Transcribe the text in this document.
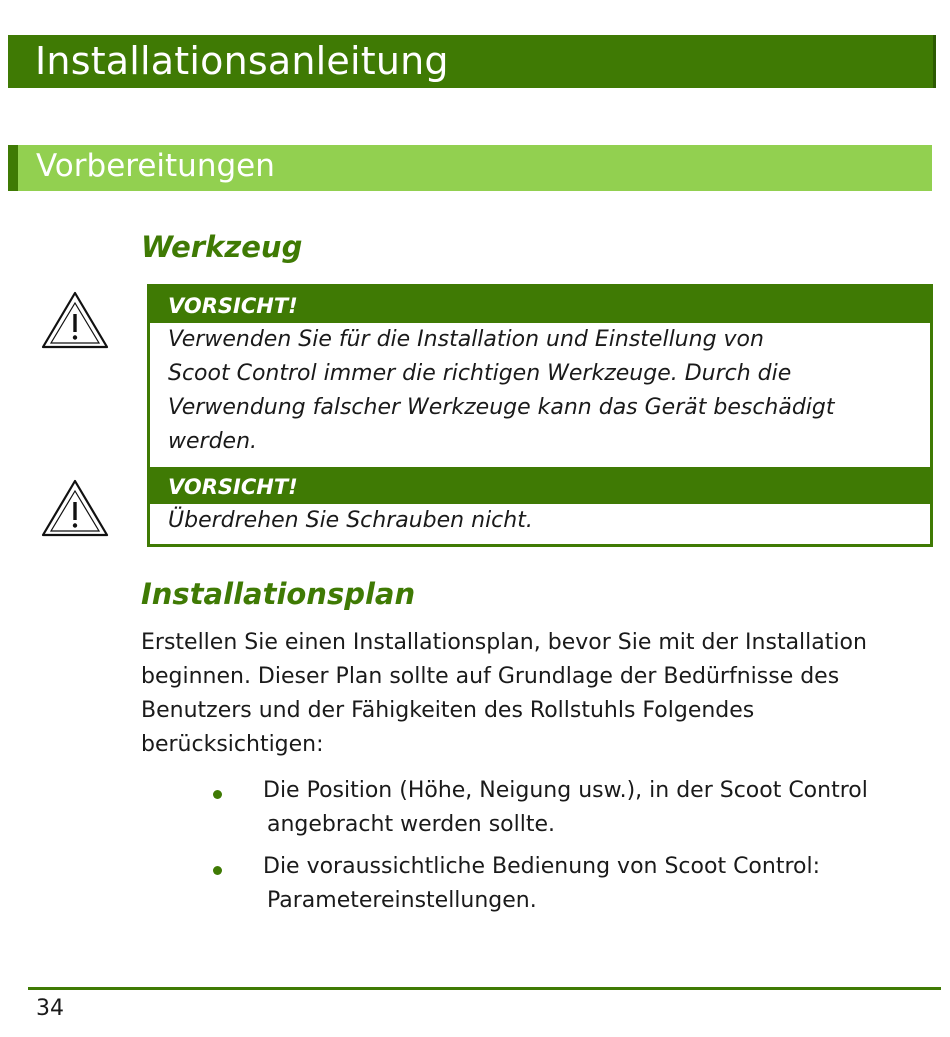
Installationsanleitung
Vorbereitungen
Werkzeug
VORSICHT!
Verwenden Sie für die Installation und Einstellung von
Scoot Control immer die richtigen Werkzeuge. Durch die
Verwendung falscher Werkzeuge kann das Gerät beschädigt
werden.
VORSICHT!
Überdrehen Sie Schrauben nicht.
Installationsplan
Erstellen Sie einen Installationsplan, bevor Sie mit der Installation
beginnen. Dieser Plan sollte auf Grundlage der Bedürfnisse des
Benutzers und der Fähigkeiten des Rollstuhls Folgendes
berücksichtigen:
Die Position (Höhe, Neigung usw.), in der Scoot Control
angebracht werden sollte.
Die voraussichtliche Bedienung von Scoot Control:
Parametereinstellungen.
34
